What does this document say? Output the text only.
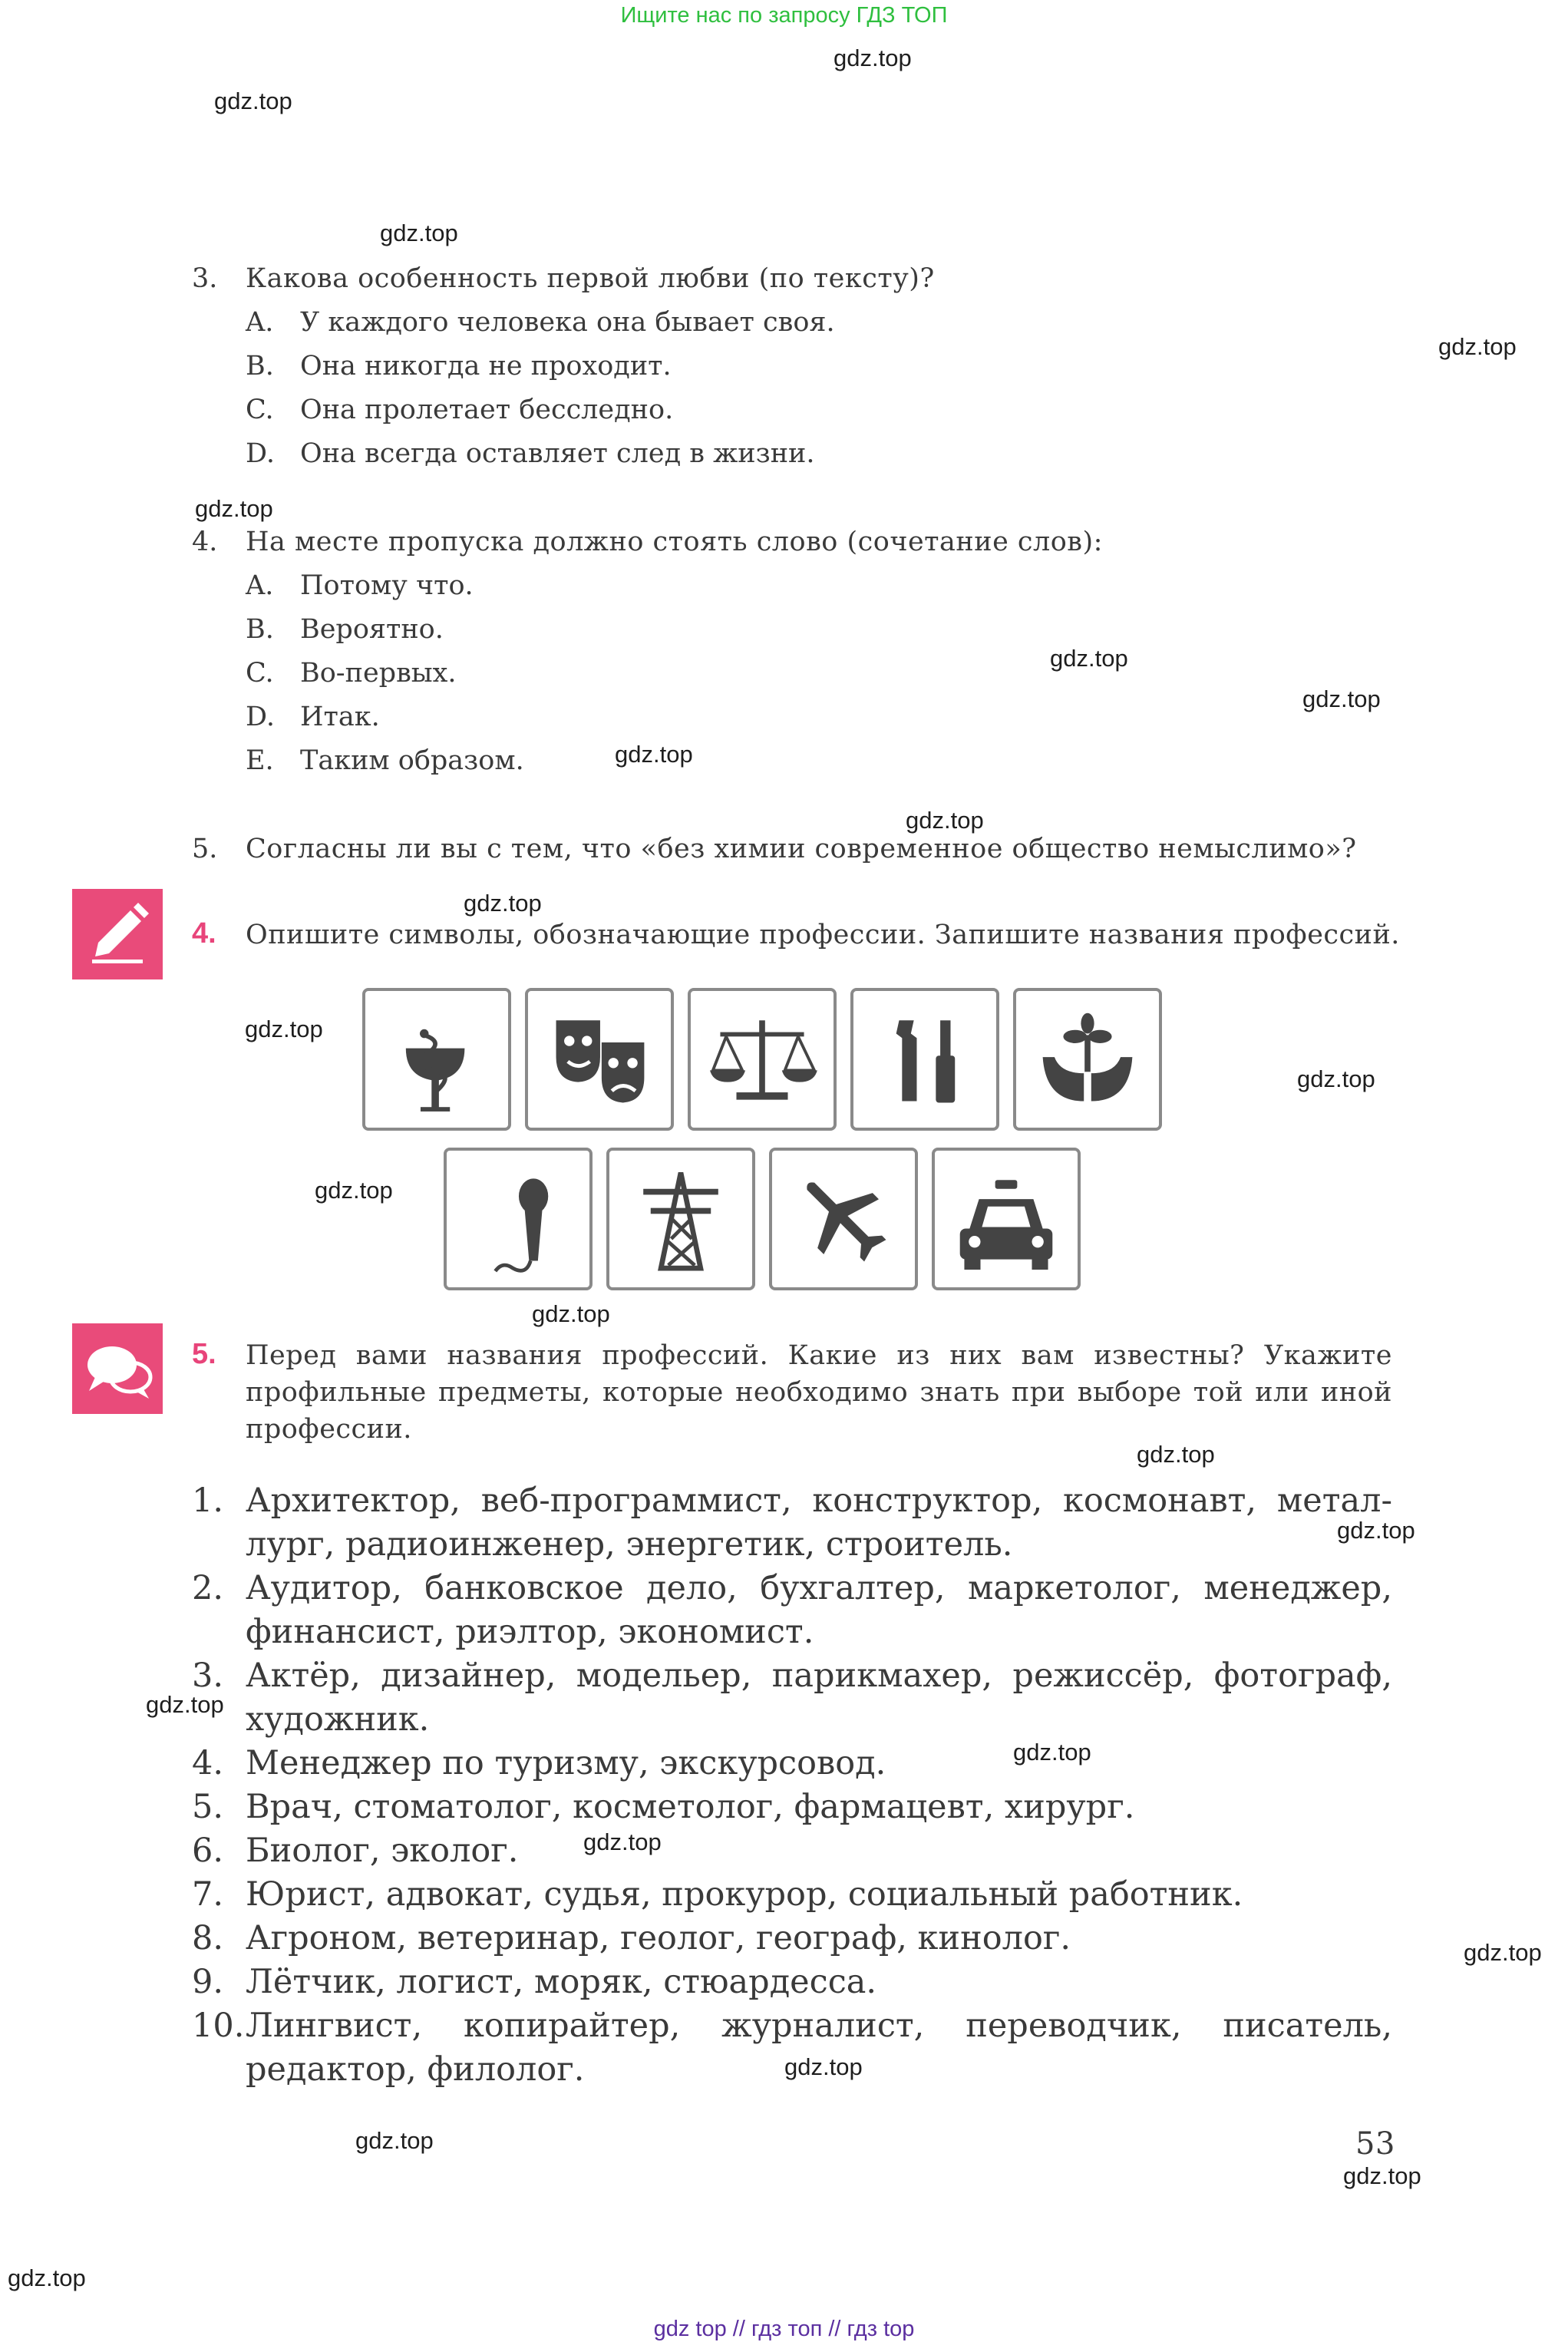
Ищите нас по запросу ГДЗ ТОП
gdz.top
gdz.top
gdz.top
gdz.top
gdz.top
gdz.top
gdz.top
gdz.top
gdz.top
gdz.top
gdz.top
gdz.top
gdz.top
gdz.top
gdz.top
gdz.top
gdz.top
gdz.top
gdz.top
gdz.top
gdz.top
gdz.top
gdz.top
gdz.top
3. Какова особенность первой любви (по тексту)?
A. У каждого человека она бывает своя.
B. Она никогда не проходит.
C. Она пролетает бесследно.
D. Она всегда оставляет след в жизни.
4. На месте пропуска должно стоять слово (сочетание слов):
A. Потому что.
B. Вероятно.
C. Во-первых.
D. Итак.
E. Таким образом.
5. Согласны ли вы с тем, что «без химии современное общество немыслимо»?
4. Опишите символы, обозначающие профессии. Запишите названия профессий.
5. Перед вами названия профессий. Какие из них вам известны? Укажите
профильные предметы, которые необходимо знать при выборе той или иной
профессии.
1. Архитектор, веб-программист, конструктор, космонавт, метал-
лург, радиоинженер, энергетик, строитель.
2. Аудитор, банковское дело, бухгалтер, маркетолог, менеджер,
финансист, риэлтор, экономист.
3. Актёр, дизайнер, модельер, парикмахер, режиссёр, фотограф,
художник.
4. Менеджер по туризму, экскурсовод.
5. Врач, стоматолог, косметолог, фармацевт, хирург.
6. Биолог, эколог.
7. Юрист, адвокат, судья, прокурор, социальный работник.
8. Агроном, ветеринар, геолог, географ, кинолог.
9. Лётчик, логист, моряк, стюардесса.
10. Лингвист, копирайтер, журналист, переводчик, писатель,
редактор, филолог.
53
gdz top // гдз топ // гдз top
